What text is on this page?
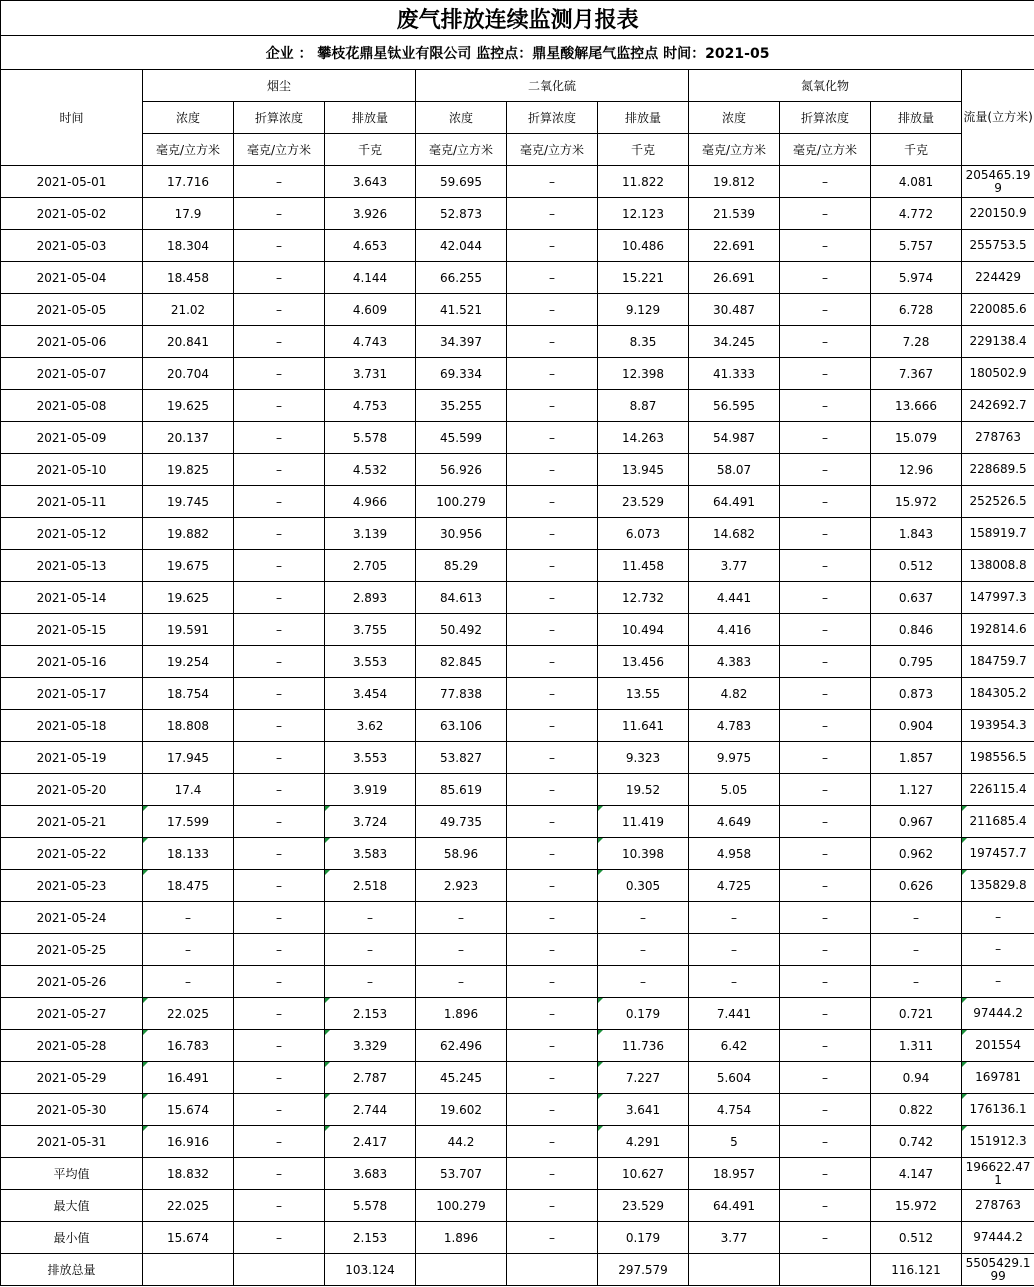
废气排放连续监测月报表										
企业 ： 攀枝花鼎星钛业有限公司 监控点：鼎星酸解尾气监控点 时间：2021-05										
时间	烟尘			二氧化硫			氮氧化物			流量(立方米)
	浓度	折算浓度	排放量	浓度	折算浓度	排放量	浓度	折算浓度	排放量	
	毫克/立方米	毫克/立方米	千克	毫克/立方米	毫克/立方米	千克	毫克/立方米	毫克/立方米	千克	
2021-05-01	17.716	–	3.643	59.695	–	11.822	19.812	–	4.081	205465.199
2021-05-02	17.9	–	3.926	52.873	–	12.123	21.539	–	4.772	220150.9
2021-05-03	18.304	–	4.653	42.044	–	10.486	22.691	–	5.757	255753.5
2021-05-04	18.458	–	4.144	66.255	–	15.221	26.691	–	5.974	224429
2021-05-05	21.02	–	4.609	41.521	–	9.129	30.487	–	6.728	220085.6
2021-05-06	20.841	–	4.743	34.397	–	8.35	34.245	–	7.28	229138.4
2021-05-07	20.704	–	3.731	69.334	–	12.398	41.333	–	7.367	180502.9
2021-05-08	19.625	–	4.753	35.255	–	8.87	56.595	–	13.666	242692.7
2021-05-09	20.137	–	5.578	45.599	–	14.263	54.987	–	15.079	278763
2021-05-10	19.825	–	4.532	56.926	–	13.945	58.07	–	12.96	228689.5
2021-05-11	19.745	–	4.966	100.279	–	23.529	64.491	–	15.972	252526.5
2021-05-12	19.882	–	3.139	30.956	–	6.073	14.682	–	1.843	158919.7
2021-05-13	19.675	–	2.705	85.29	–	11.458	3.77	–	0.512	138008.8
2021-05-14	19.625	–	2.893	84.613	–	12.732	4.441	–	0.637	147997.3
2021-05-15	19.591	–	3.755	50.492	–	10.494	4.416	–	0.846	192814.6
2021-05-16	19.254	–	3.553	82.845	–	13.456	4.383	–	0.795	184759.7
2021-05-17	18.754	–	3.454	77.838	–	13.55	4.82	–	0.873	184305.2
2021-05-18	18.808	–	3.62	63.106	–	11.641	4.783	–	0.904	193954.3
2021-05-19	17.945	–	3.553	53.827	–	9.323	9.975	–	1.857	198556.5
2021-05-20	17.4	–	3.919	85.619	–	19.52	5.05	–	1.127	226115.4
2021-05-21	17.599	–	3.724	49.735	–	11.419	4.649	–	0.967	211685.4
2021-05-22	18.133	–	3.583	58.96	–	10.398	4.958	–	0.962	197457.7
2021-05-23	18.475	–	2.518	2.923	–	0.305	4.725	–	0.626	135829.8
2021-05-24	–	–	–	–	–	–	–	–	–	–
2021-05-25	–	–	–	–	–	–	–	–	–	–
2021-05-26	–	–	–	–	–	–	–	–	–	–
2021-05-27	22.025	–	2.153	1.896	–	0.179	7.441	–	0.721	97444.2
2021-05-28	16.783	–	3.329	62.496	–	11.736	6.42	–	1.311	201554
2021-05-29	16.491	–	2.787	45.245	–	7.227	5.604	–	0.94	169781
2021-05-30	15.674	–	2.744	19.602	–	3.641	4.754	–	0.822	176136.1
2021-05-31	16.916	–	2.417	44.2	–	4.291	5	–	0.742	151912.3
平均值	18.832	–	3.683	53.707	–	10.627	18.957	–	4.147	196622.471
最大值	22.025	–	5.578	100.279	–	23.529	64.491	–	15.972	278763
最小值	15.674	–	2.153	1.896	–	0.179	3.77	–	0.512	97444.2
排放总量			103.124			297.579			116.121	5505429.199
